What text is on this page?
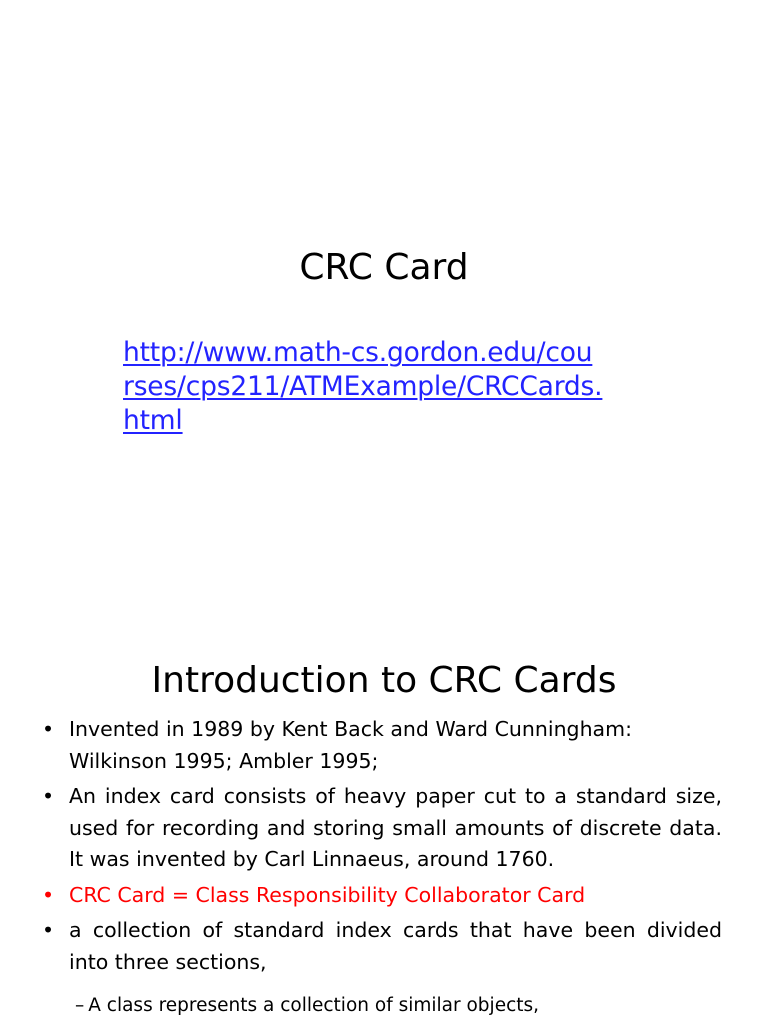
CRC Card
http://www.math-cs.gordon.edu/cou
rses/cps211/ATMExample/CRCCards.
html
Introduction to CRC Cards
• Invented in 1989 by Kent Back and Ward Cunningham: Wilkinson 1995; Ambler 1995;
• An index card consists of heavy paper cut to a standard size, used for recording and storing small amounts of discrete data. It was invented by Carl Linnaeus, around 1760.
• CRC Card = Class Responsibility Collaborator Card
• a collection of standard index cards that have been divided into three sections,
– A class represents a collection of similar objects,
